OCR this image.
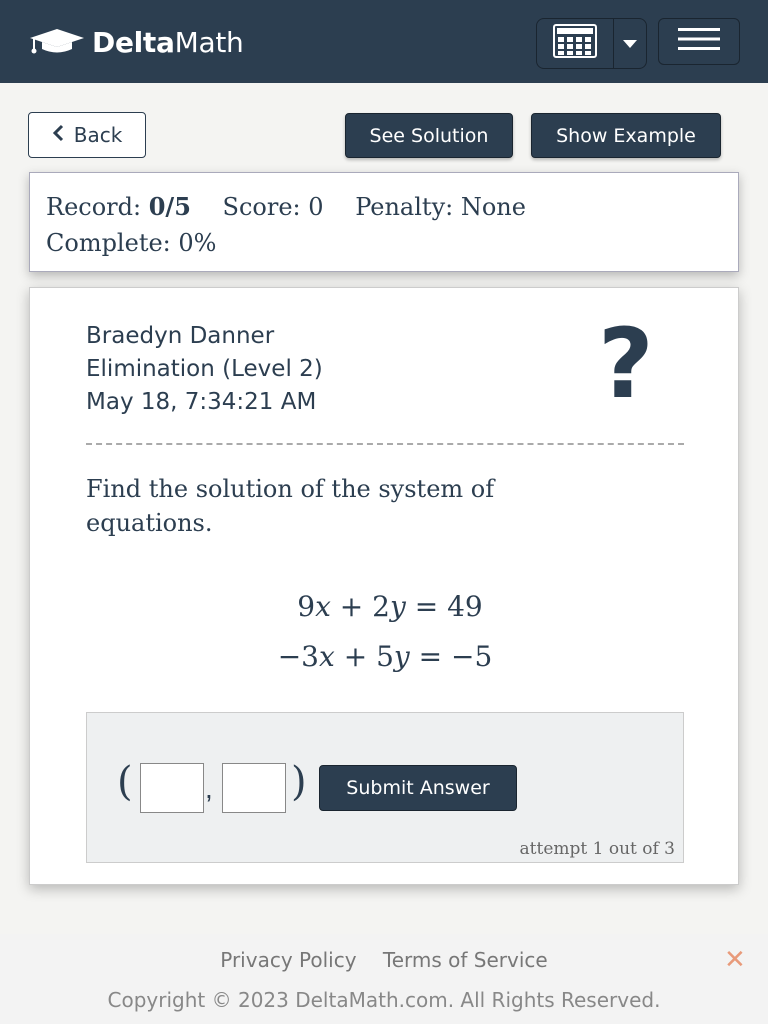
DeltaMath
Back	See Solution	Show Example
Record: 0/5 Score: 0 Penalty: None
Complete: 0%
Braedyn Danner
Elimination (Level 2)
May 18, 7:34:21 AM	?
Find the solution of the system of equations.
9x + 2y = 49
−3x + 5y = −5
(	, )	Submit Answer
attempt 1 out of 3
Privacy Policy Terms of Service	✕
Copyright © 2023 DeltaMath.com. All Rights Reserved.
